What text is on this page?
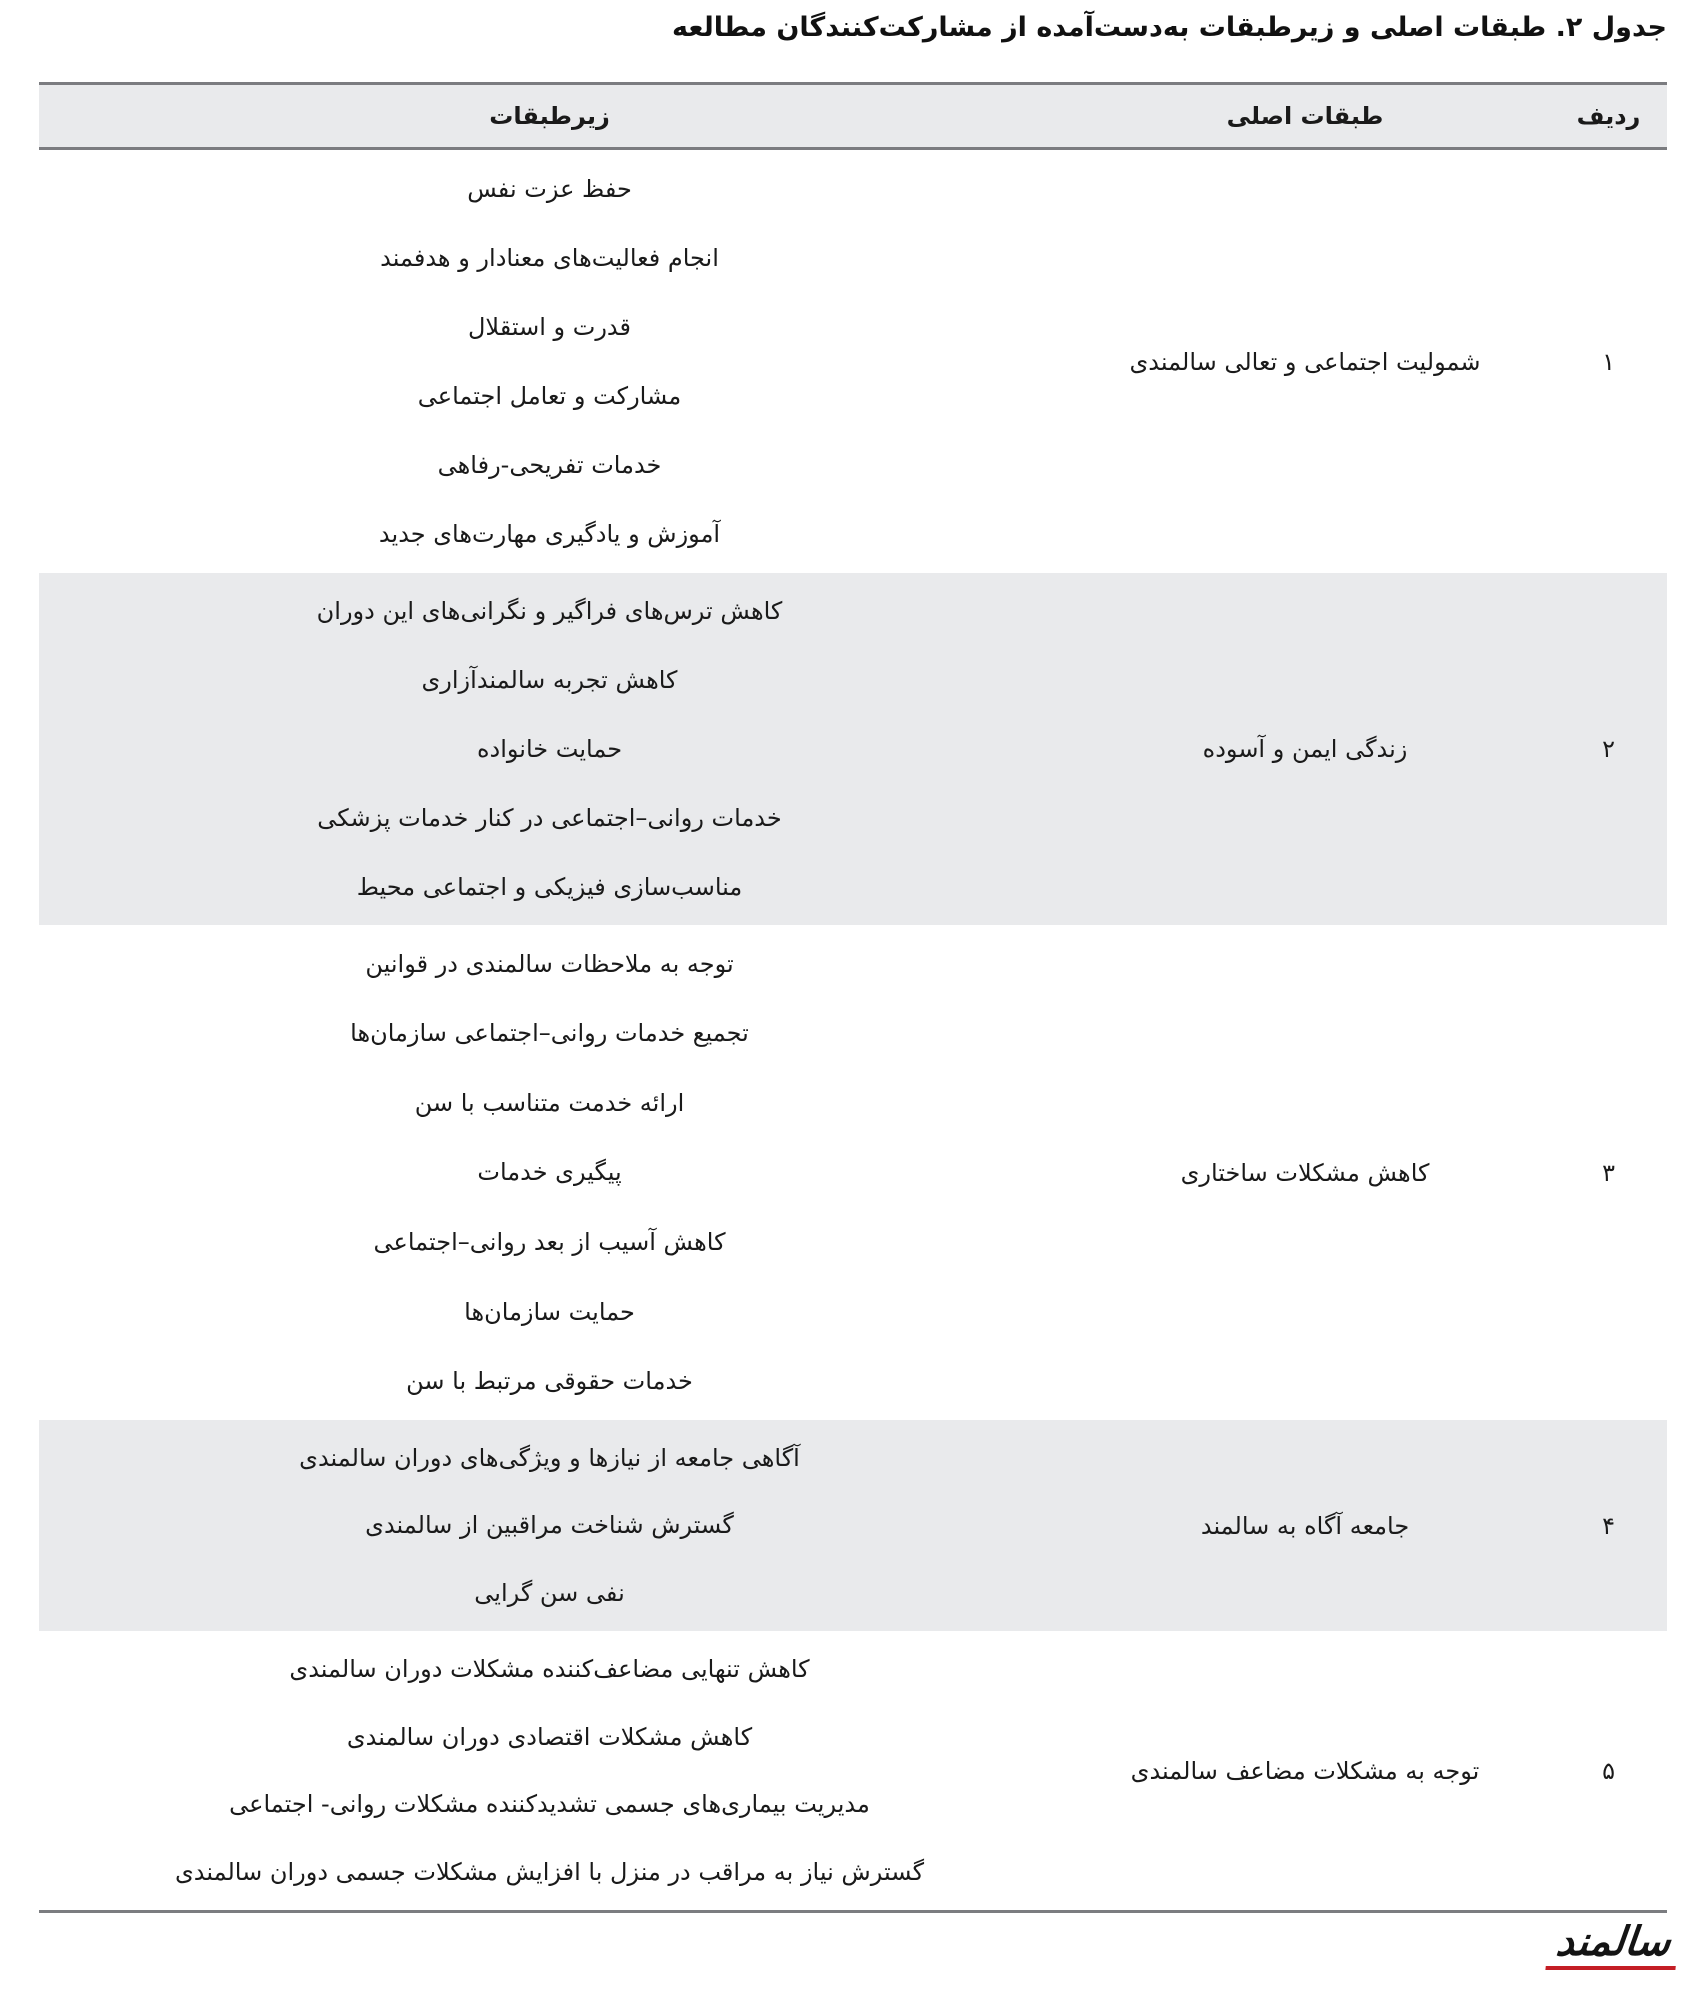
جدول ۲. طبقات اصلی و زیرطبقات به‌دست‌آمده از مشارکت‌کنندگان مطالعه
ردیف
طبقات اصلی
زیرطبقات
۱
شمولیت اجتماعی و تعالی سالمندی
حفظ عزت نفس
انجام فعالیت‌های معنادار و هدفمند
قدرت و استقلال
مشارکت و تعامل اجتماعی
خدمات تفریحی-رفاهی
آموزش و یادگیری مهارت‌های جدید
۲
زندگی ایمن و آسوده
کاهش ترس‌های فراگیر و نگرانی‌های این دوران
کاهش تجربه سالمندآزاری
حمایت خانواده
خدمات روانی–اجتماعی در کنار خدمات پزشکی
مناسب‌سازی فیزیکی و اجتماعی محیط
۳
کاهش مشکلات ساختاری
توجه به ملاحظات سالمندی در قوانین
تجمیع خدمات روانی–اجتماعی سازمان‌ها
ارائه خدمت متناسب با سن
پیگیری خدمات
کاهش آسیب از بعد روانی–اجتماعی
حمایت سازمان‌ها
خدمات حقوقی مرتبط با سن
۴
جامعه آگاه به سالمند
آگاهی جامعه از نیازها و ویژگی‌های دوران سالمندی
گسترش شناخت مراقبین از سالمندی
نفی سن گرایی
۵
توجه به مشکلات مضاعف سالمندی
کاهش تنهایی مضاعف‌کننده مشکلات دوران سالمندی
کاهش مشکلات اقتصادی دوران سالمندی
مدیریت بیماری‌های جسمی تشدیدکننده مشکلات روانی- اجتماعی
گسترش نیاز به مراقب در منزل با افزایش مشکلات جسمی دوران سالمندی
سالمند
